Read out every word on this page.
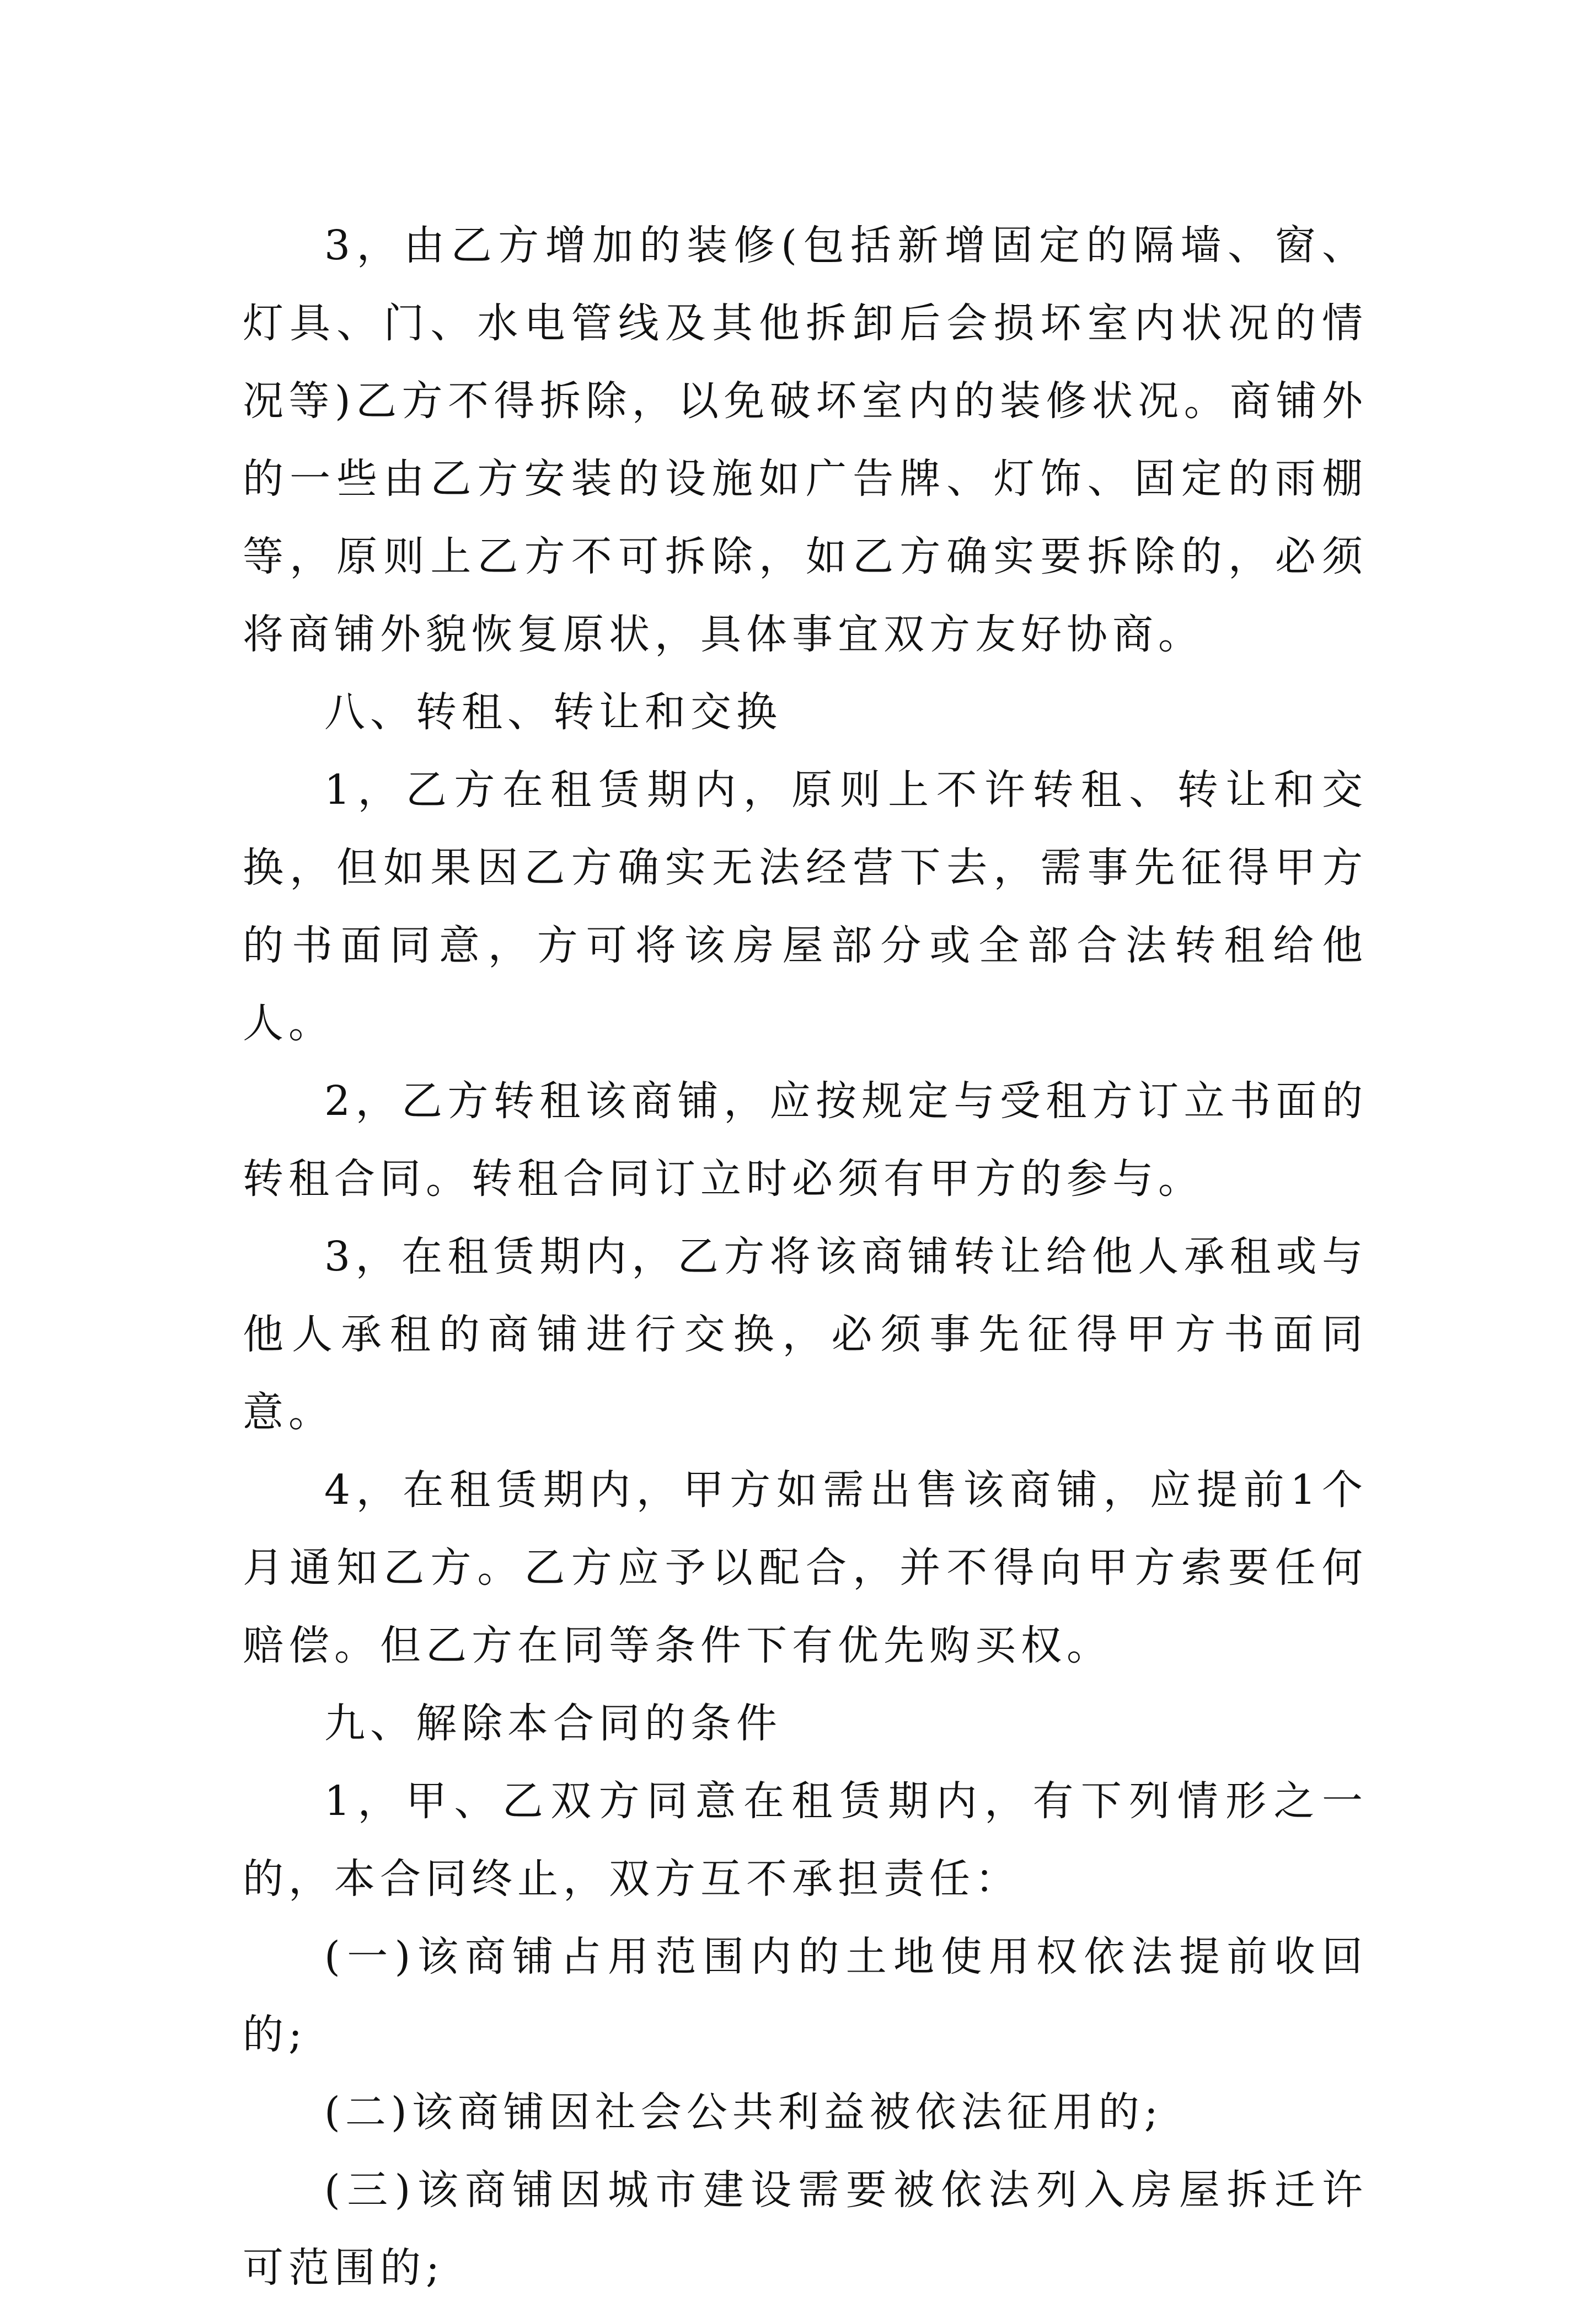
3，由乙方增加的装修(包括新增固定的隔墙、窗、灯具、门、水电管线及其他拆卸后会损坏室内状况的情况等)乙方不得拆除，以免破坏室内的装修状况。商铺外的一些由乙方安装的设施如广告牌、灯饰、固定的雨棚等，原则上乙方不可拆除，如乙方确实要拆除的，必须将商铺外貌恢复原状，具体事宜双方友好协商。

八、转租、转让和交换

1，乙方在租赁期内，原则上不许转租、转让和交换，但如果因乙方确实无法经营下去，需事先征得甲方的书面同意，方可将该房屋部分或全部合法转租给他人。

2，乙方转租该商铺，应按规定与受租方订立书面的转租合同。转租合同订立时必须有甲方的参与。

3，在租赁期内，乙方将该商铺转让给他人承租或与他人承租的商铺进行交换，必须事先征得甲方书面同意。

4，在租赁期内，甲方如需出售该商铺，应提前1个月通知乙方。乙方应予以配合，并不得向甲方索要任何赔偿。但乙方在同等条件下有优先购买权。

九、解除本合同的条件

1，甲、乙双方同意在租赁期内，有下列情形之一的，本合同终止，双方互不承担责任：

(一)该商铺占用范围内的土地使用权依法提前收回的;

(二)该商铺因社会公共利益被依法征用的;

(三)该商铺因城市建设需要被依法列入房屋拆迁许可范围的;
